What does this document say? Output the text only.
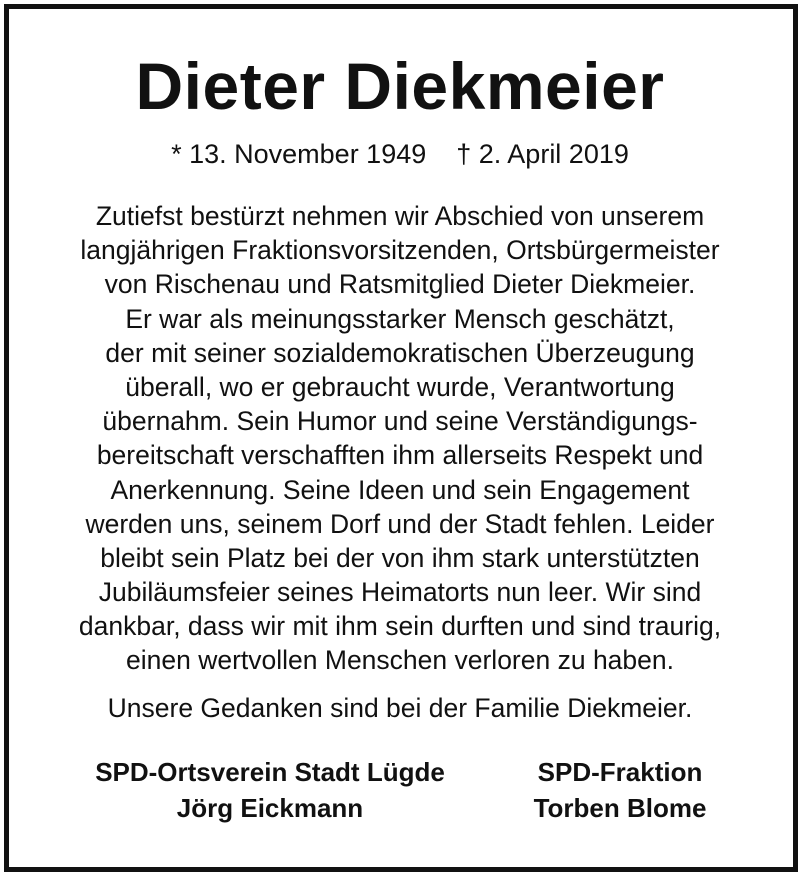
Dieter Diekmeier
* 13. November 1949 † 2. April 2019
Zutiefst bestürzt nehmen wir Abschied von unserem
langjährigen Fraktionsvorsitzenden, Ortsbürgermeister
von Rischenau und Ratsmitglied Dieter Diekmeier.
Er war als meinungsstarker Mensch geschätzt,
der mit seiner sozialdemokratischen Überzeugung
überall, wo er gebraucht wurde, Verantwortung
übernahm. Sein Humor und seine Verständigungs-
bereitschaft verschafften ihm allerseits Respekt und
Anerkennung. Seine Ideen und sein Engagement
werden uns, seinem Dorf und der Stadt fehlen. Leider
bleibt sein Platz bei der von ihm stark unterstützten
Jubiläumsfeier seines Heimatorts nun leer. Wir sind
dankbar, dass wir mit ihm sein durften und sind traurig,
einen wertvollen Menschen verloren zu haben.
Unsere Gedanken sind bei der Familie Diekmeier.
SPD-Ortsverein Stadt Lügde
Jörg Eickmann
SPD-Fraktion
Torben Blome
